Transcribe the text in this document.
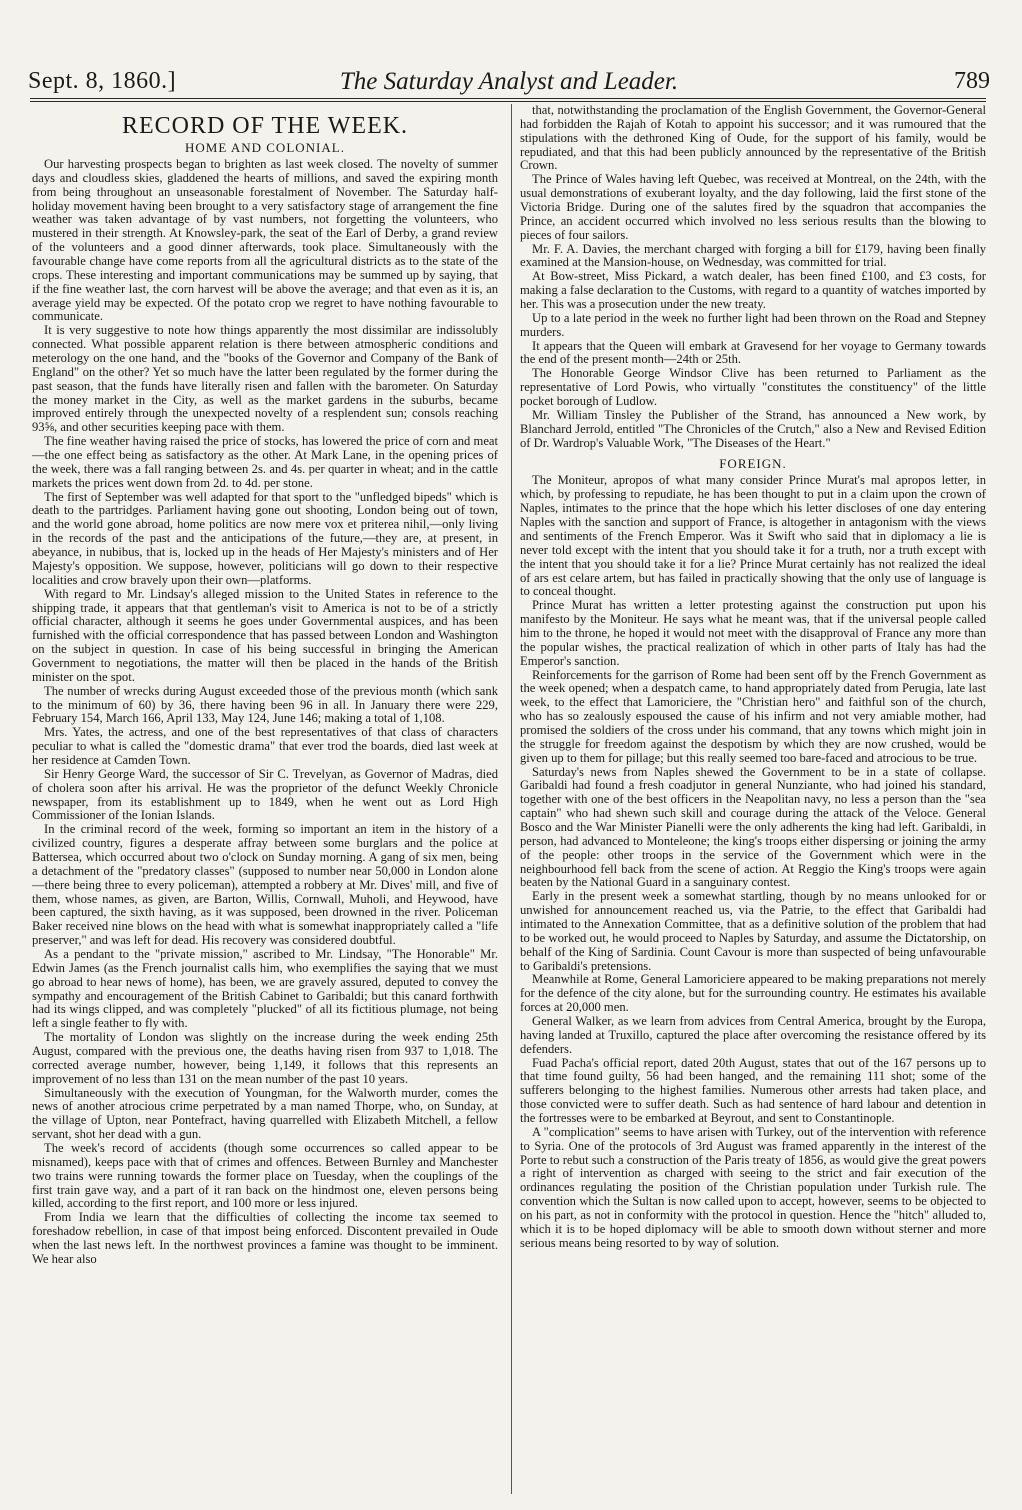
Sept. 8, 1860.]	The Saturday Analyst and Leader.	789
RECORD OF THE WEEK.
HOME AND COLONIAL.

Our harvesting prospects began to brighten as last week closed. The novelty of summer days and cloudless skies, gladdened the hearts of millions, and saved the expiring month from being throughout an unseasonable forestalment of November. The Saturday half-holiday movement having been brought to a very satisfactory stage of arrangement the fine weather was taken advantage of by vast numbers, not forgetting the volunteers, who mustered in their strength. At Knowsley-park, the seat of the Earl of Derby, a grand review of the volunteers and a good dinner afterwards, took place. Simultaneously with the favourable change have come reports from all the agricultural districts as to the state of the crops. These interesting and important communications may be summed up by saying, that if the fine weather last, the corn harvest will be above the average; and that even as it is, an average yield may be expected. Of the potato crop we regret to have nothing favourable to communicate.

It is very suggestive to note how things apparently the most dissimilar are indissolubly connected. What possible apparent relation is there between atmospheric conditions and meterology on the one hand, and the "books of the Governor and Company of the Bank of England" on the other? Yet so much have the latter been regulated by the former during the past season, that the funds have literally risen and fallen with the barometer. On Saturday the money market in the City, as well as the market gardens in the suburbs, became improved entirely through the unexpected novelty of a resplendent sun; consols reaching 93⅝, and other securities keeping pace with them.

The fine weather having raised the price of stocks, has lowered the price of corn and meat—the one effect being as satisfactory as the other. At Mark Lane, in the opening prices of the week, there was a fall ranging between 2s. and 4s. per quarter in wheat; and in the cattle markets the prices went down from 2d. to 4d. per stone.

The first of September was well adapted for that sport to the "unfledged bipeds" which is death to the partridges. Parliament having gone out shooting, London being out of town, and the world gone abroad, home politics are now mere vox et priterea nihil,—only living in the records of the past and the anticipations of the future,—they are, at present, in abeyance, in nubibus, that is, locked up in the heads of Her Majesty's ministers and of Her Majesty's opposition. We suppose, however, politicians will go down to their respective localities and crow bravely upon their own—platforms.

With regard to Mr. Lindsay's alleged mission to the United States in reference to the shipping trade, it appears that that gentleman's visit to America is not to be of a strictly official character, although it seems he goes under Governmental auspices, and has been furnished with the official correspondence that has passed between London and Washington on the subject in question. In case of his being successful in bringing the American Government to negotiations, the matter will then be placed in the hands of the British minister on the spot.

The number of wrecks during August exceeded those of the previous month (which sank to the minimum of 60) by 36, there having been 96 in all. In January there were 229, February 154, March 166, April 133, May 124, June 146; making a total of 1,108.

Mrs. Yates, the actress, and one of the best representatives of that class of characters peculiar to what is called the "domestic drama" that ever trod the boards, died last week at her residence at Camden Town.

Sir Henry George Ward, the successor of Sir C. Trevelyan, as Governor of Madras, died of cholera soon after his arrival. He was the proprietor of the defunct Weekly Chronicle newspaper, from its establishment up to 1849, when he went out as Lord High Commissioner of the Ionian Islands.

In the criminal record of the week, forming so important an item in the history of a civilized country, figures a desperate affray between some burglars and the police at Battersea, which occurred about two o'clock on Sunday morning. A gang of six men, being a detachment of the "predatory classes" (supposed to number near 50,000 in London alone—there being three to every policeman), attempted a robbery at Mr. Dives' mill, and five of them, whose names, as given, are Barton, Willis, Cornwall, Muholi, and Heywood, have been captured, the sixth having, as it was supposed, been drowned in the river. Policeman Baker received nine blows on the head with what is somewhat inappropriately called a "life preserver," and was left for dead. His recovery was considered doubtful.

As a pendant to the "private mission," ascribed to Mr. Lindsay, "The Honorable" Mr. Edwin James (as the French journalist calls him, who exemplifies the saying that we must go abroad to hear news of home), has been, we are gravely assured, deputed to convey the sympathy and encouragement of the British Cabinet to Garibaldi; but this canard forthwith had its wings clipped, and was completely "plucked" of all its fictitious plumage, not being left a single feather to fly with.

The mortality of London was slightly on the increase during the week ending 25th August, compared with the previous one, the deaths having risen from 937 to 1,018. The corrected average number, however, being 1,149, it follows that this represents an improvement of no less than 131 on the mean number of the past 10 years.

Simultaneously with the execution of Youngman, for the Walworth murder, comes the news of another atrocious crime perpetrated by a man named Thorpe, who, on Sunday, at the village of Upton, near Pontefract, having quarrelled with Elizabeth Mitchell, a fellow servant, shot her dead with a gun.

The week's record of accidents (though some occurrences so called appear to be misnamed), keeps pace with that of crimes and offences. Between Burnley and Manchester two trains were running towards the former place on Tuesday, when the couplings of the first train gave way, and a part of it ran back on the hindmost one, eleven persons being killed, according to the first report, and 100 more or less injured.

From India we learn that the difficulties of collecting the income tax seemed to foreshadow rebellion, in case of that impost being enforced. Discontent prevailed in Oude when the last news left. In the northwest provinces a famine was thought to be imminent. We hear also

that, notwithstanding the proclamation of the English Government, the Governor-General had forbidden the Rajah of Kotah to appoint his successor; and it was rumoured that the stipulations with the dethroned King of Oude, for the support of his family, would be repudiated, and that this had been publicly announced by the representative of the British Crown.

The Prince of Wales having left Quebec, was received at Montreal, on the 24th, with the usual demonstrations of exuberant loyalty, and the day following, laid the first stone of the Victoria Bridge. During one of the salutes fired by the squadron that accompanies the Prince, an accident occurred which involved no less serious results than the blowing to pieces of four sailors.

Mr. F. A. Davies, the merchant charged with forging a bill for £179, having been finally examined at the Mansion-house, on Wednesday, was committed for trial.

At Bow-street, Miss Pickard, a watch dealer, has been fined £100, and £3 costs, for making a false declaration to the Customs, with regard to a quantity of watches imported by her. This was a prosecution under the new treaty.

Up to a late period in the week no further light had been thrown on the Road and Stepney murders.

It appears that the Queen will embark at Gravesend for her voyage to Germany towards the end of the present month—24th or 25th.

The Honorable George Windsor Clive has been returned to Parliament as the representative of Lord Powis, who virtually "constitutes the constituency" of the little pocket borough of Ludlow.

Mr. William Tinsley the Publisher of the Strand, has announced a New work, by Blanchard Jerrold, entitled "The Chronicles of the Crutch," also a New and Revised Edition of Dr. Wardrop's Valuable Work, "The Diseases of the Heart."

FOREIGN.

The Moniteur, apropos of what many consider Prince Murat's mal apropos letter, in which, by professing to repudiate, he has been thought to put in a claim upon the crown of Naples, intimates to the prince that the hope which his letter discloses of one day entering Naples with the sanction and support of France, is altogether in antagonism with the views and sentiments of the French Emperor. Was it Swift who said that in diplomacy a lie is never told except with the intent that you should take it for a truth, nor a truth except with the intent that you should take it for a lie? Prince Murat certainly has not realized the ideal of ars est celare artem, but has failed in practically showing that the only use of language is to conceal thought.

Prince Murat has written a letter protesting against the construction put upon his manifesto by the Moniteur. He says what he meant was, that if the universal people called him to the throne, he hoped it would not meet with the disapproval of France any more than the popular wishes, the practical realization of which in other parts of Italy has had the Emperor's sanction.

Reinforcements for the garrison of Rome had been sent off by the French Government as the week opened; when a despatch came, to hand appropriately dated from Perugia, late last week, to the effect that Lamoriciere, the "Christian hero" and faithful son of the church, who has so zealously espoused the cause of his infirm and not very amiable mother, had promised the soldiers of the cross under his command, that any towns which might join in the struggle for freedom against the despotism by which they are now crushed, would be given up to them for pillage; but this really seemed too bare-faced and atrocious to be true.

Saturday's news from Naples shewed the Government to be in a state of collapse. Garibaldi had found a fresh coadjutor in general Nunziante, who had joined his standard, together with one of the best officers in the Neapolitan navy, no less a person than the "sea captain" who had shewn such skill and courage during the attack of the Veloce. General Bosco and the War Minister Pianelli were the only adherents the king had left. Garibaldi, in person, had advanced to Monteleone; the king's troops either dispersing or joining the army of the people: other troops in the service of the Government which were in the neighbourhood fell back from the scene of action. At Reggio the King's troops were again beaten by the National Guard in a sanguinary contest.

Early in the present week a somewhat startling, though by no means unlooked for or unwished for announcement reached us, via the Patrie, to the effect that Garibaldi had intimated to the Annexation Committee, that as a definitive solution of the problem that had to be worked out, he would proceed to Naples by Saturday, and assume the Dictatorship, on behalf of the King of Sardinia. Count Cavour is more than suspected of being unfavourable to Garibaldi's pretensions.

Meanwhile at Rome, General Lamoriciere appeared to be making preparations not merely for the defence of the city alone, but for the surrounding country. He estimates his available forces at 20,000 men.

General Walker, as we learn from advices from Central America, brought by the Europa, having landed at Truxillo, captured the place after overcoming the resistance offered by its defenders.

Fuad Pacha's official report, dated 20th August, states that out of the 167 persons up to that time found guilty, 56 had been hanged, and the remaining 111 shot; some of the sufferers belonging to the highest families. Numerous other arrests had taken place, and those convicted were to suffer death. Such as had sentence of hard labour and detention in the fortresses were to be embarked at Beyrout, and sent to Constantinople.

A "complication" seems to have arisen with Turkey, out of the intervention with reference to Syria. One of the protocols of 3rd August was framed apparently in the interest of the Porte to rebut such a construction of the Paris treaty of 1856, as would give the great powers a right of intervention as charged with seeing to the strict and fair execution of the ordinances regulating the position of the Christian population under Turkish rule. The convention which the Sultan is now called upon to accept, however, seems to be objected to on his part, as not in conformity with the protocol in question. Hence the "hitch" alluded to, which it is to be hoped diplomacy will be able to smooth down without sterner and more serious means being resorted to by way of solution.
